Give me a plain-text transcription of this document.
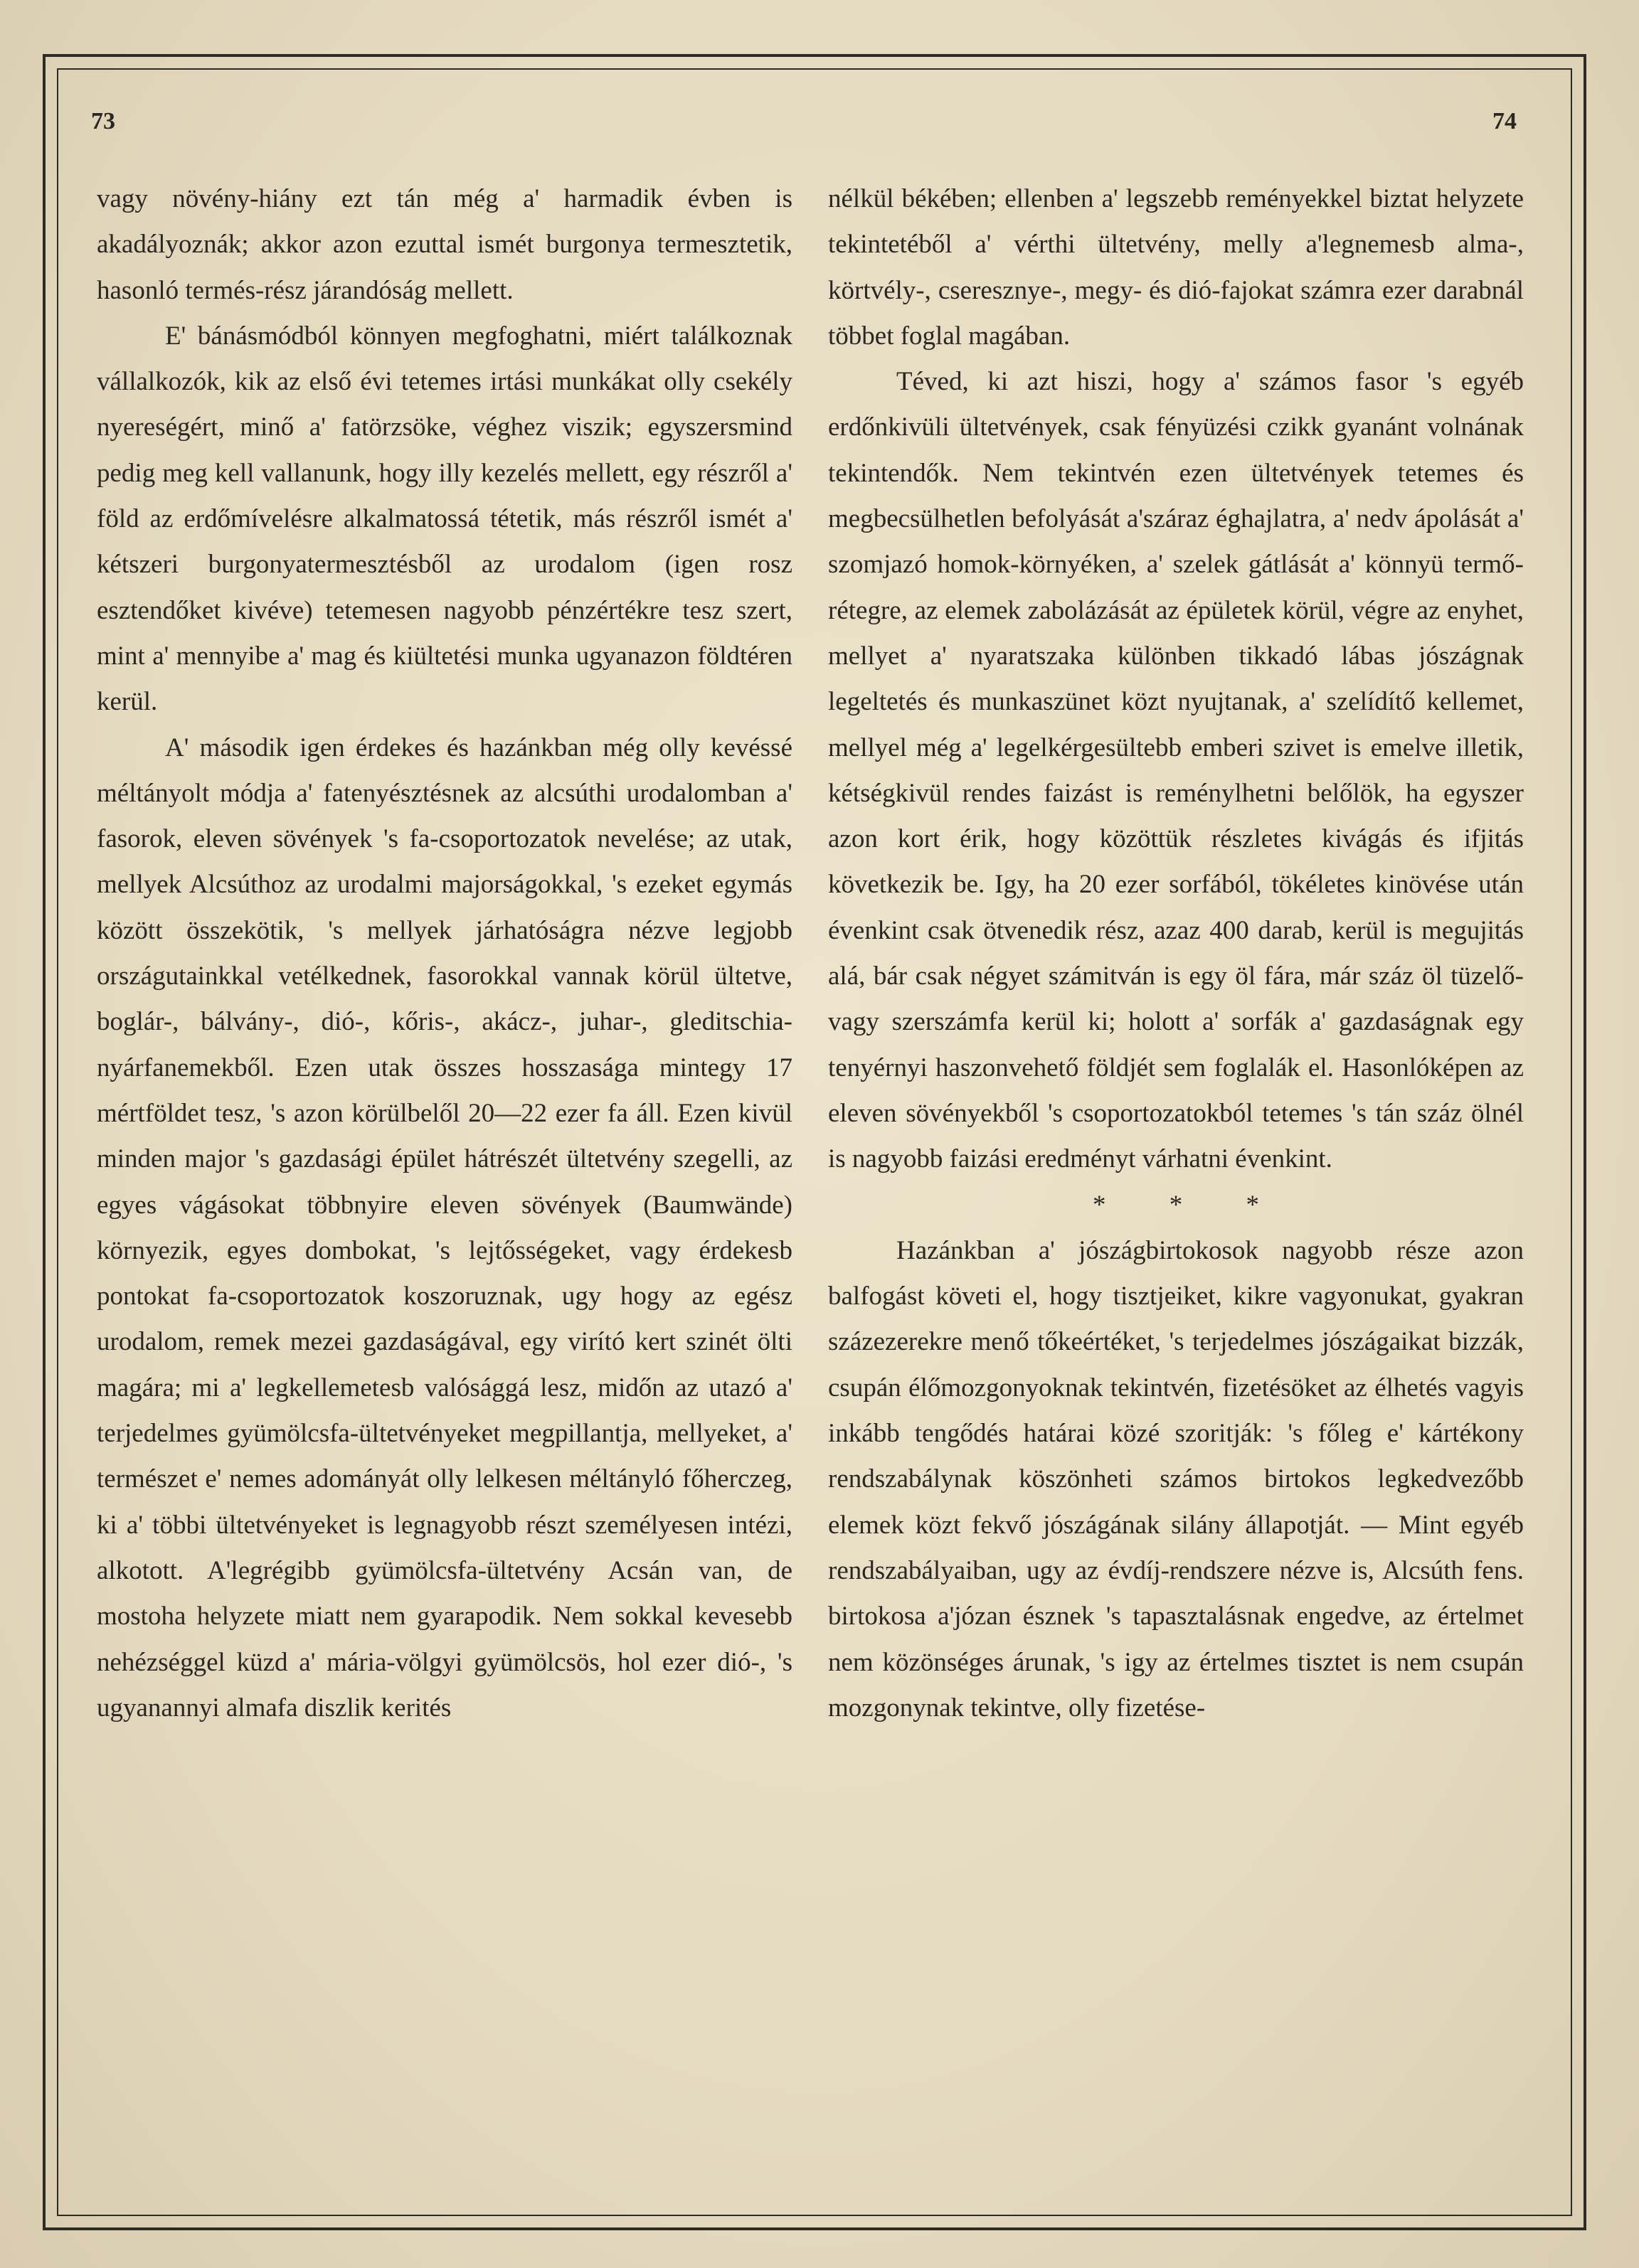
73	74

vagy növény-hiány ezt tán még a' harmadik évben is akadályoznák; akkor azon ezuttal ismét burgonya termesztetik, hasonló termés-rész járandóság mellett.

E' bánásmódból könnyen megfoghatni, miért találkoznak vállalkozók, kik az első évi tetemes irtási munkákat olly csekély nyereségért, minő a' fatörzsöke, véghez viszik; egyszersmind pedig meg kell vallanunk, hogy illy kezelés mellett, egy részről a' föld az erdőmívelésre alkalmatossá tétetik, más részről ismét a' kétszeri burgonyatermesztésből az urodalom (igen rosz esztendőket kivéve) tetemesen nagyobb pénzértékre tesz szert, mint a' mennyibe a' mag és kiültetési munka ugyanazon földtéren kerül.

A' második igen érdekes és hazánkban még olly kevéssé méltányolt módja a' fatenyésztésnek az alcsúthi urodalomban a' fasorok, eleven sövények 's fa-csoportozatok nevelése; az utak, mellyek Alcsúthoz az urodalmi majorságokkal, 's ezeket egymás között összekötik, 's mellyek járhatóságra nézve legjobb országutainkkal vetélkednek, fasorokkal vannak körül ültetve, boglár-, bálvány-, dió-, kőris-, akácz-, juhar-, gleditschia- nyárfanemekből. Ezen utak összes hosszasága mintegy 17 mértföldet tesz, 's azon körülbelől 20—22 ezer fa áll. Ezen kivül minden major 's gazdasági épület hátrészét ültetvény szegelli, az egyes vágásokat többnyire eleven sövények (Baumwände) környezik, egyes dombokat, 's lejtősségeket, vagy érdekesb pontokat fa-csoportozatok koszoruznak, ugy hogy az egész urodalom, remek mezei gazdaságával, egy virító kert szinét ölti magára; mi a' legkellemetesb valósággá lesz, midőn az utazó a' terjedelmes gyümölcsfa-ültetvényeket megpillantja, mellyeket, a' természet e' nemes adományát olly lelkesen méltányló főherczeg, ki a' többi ültetvényeket is legnagyobb részt személyesen intézi, alkotott. A'legrégibb gyümölcsfa-ültetvény Acsán van, de mostoha helyzete miatt nem gyarapodik. Nem sokkal kevesebb nehézséggel küzd a' mária-völgyi gyümölcsös, hol ezer dió-, 's ugyanannyi almafa diszlik kerités

nélkül békében; ellenben a' legszebb reményekkel biztat helyzete tekintetéből a' vérthi ültetvény, melly a'legnemesb alma-, körtvély-, cseresznye-, megy- és dió-fajokat számra ezer darabnál többet foglal magában.

Téved, ki azt hiszi, hogy a' számos fasor 's egyéb erdőnkivüli ültetvények, csak fényüzési czikk gyanánt volnának tekintendők. Nem tekintvén ezen ültetvények tetemes és megbecsülhetlen befolyását a'száraz éghajlatra, a' nedv ápolását a' szomjazó homok-környéken, a' szelek gátlását a' könnyü termő-rétegre, az elemek zabolázását az épületek körül, végre az enyhet, mellyet a' nyaratszaka különben tikkadó lábas jószágnak legeltetés és munkaszünet közt nyujtanak, a' szelídítő kellemet, mellyel még a' legelkérgesültebb emberi szivet is emelve illetik, kétségkivül rendes faizást is reménylhetni belőlök, ha egyszer azon kort érik, hogy közöttük részletes kivágás és ifjitás következik be. Igy, ha 20 ezer sorfából, tökéletes kinövése után évenkint csak ötvenedik rész, azaz 400 darab, kerül is megujitás alá, bár csak négyet számitván is egy öl fára, már száz öl tüzelő- vagy szerszámfa kerül ki; holott a' sorfák a' gazdaságnak egy tenyérnyi haszonvehető földjét sem foglalák el. Hasonlóképen az eleven sövényekből 's csoportozatokból tetemes 's tán száz ölnél is nagyobb faizási eredményt várhatni évenkint.

* * *

Hazánkban a' jószágbirtokosok nagyobb része azon balfogást követi el, hogy tisztjeiket, kikre vagyonukat, gyakran százezerekre menő tőkeértéket, 's terjedelmes jószágaikat bizzák, csupán élőmozgonyoknak tekintvén, fizetésöket az élhetés vagyis inkább tengődés határai közé szoritják: 's főleg e' kártékony rendszabálynak köszönheti számos birtokos legkedvezőbb elemek közt fekvő jószágának silány állapotját. — Mint egyéb rendszabályaiban, ugy az évdíj-rendszere nézve is, Alcsúth fens. birtokosa a'józan észnek 's tapasztalásnak engedve, az értelmet nem közönséges árunak, 's igy az értelmes tisztet is nem csupán mozgonynak tekintve, olly fizetése-
